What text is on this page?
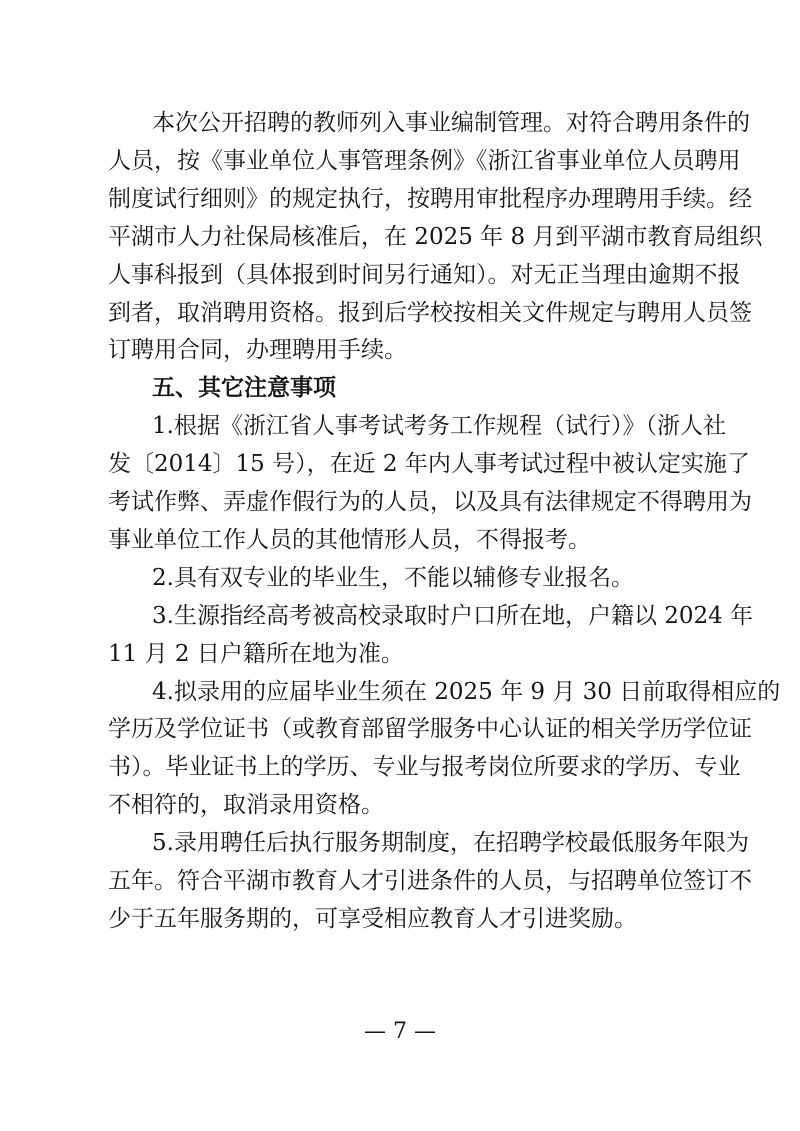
本次公开招聘的教师列入事业编制管理。对符合聘用条件的
人员，按《事业单位人事管理条例》《浙江省事业单位人员聘用
制度试行细则》的规定执行，按聘用审批程序办理聘用手续。经
平湖市人力社保局核准后，在 2025 年 8 月到平湖市教育局组织
人事科报到（具体报到时间另行通知）。对无正当理由逾期不报
到者，取消聘用资格。报到后学校按相关文件规定与聘用人员签
订聘用合同，办理聘用手续。
五、其它注意事项
1.根据《浙江省人事考试考务工作规程（试行）》（浙人社
发〔2014〕15 号），在近 2 年内人事考试过程中被认定实施了
考试作弊、弄虚作假行为的人员，以及具有法律规定不得聘用为
事业单位工作人员的其他情形人员，不得报考。
2.具有双专业的毕业生，不能以辅修专业报名。
3.生源指经高考被高校录取时户口所在地，户籍以 2024 年
11 月 2 日户籍所在地为准。
4.拟录用的应届毕业生须在 2025 年 9 月 30 日前取得相应的
学历及学位证书（或教育部留学服务中心认证的相关学历学位证
书）。毕业证书上的学历、专业与报考岗位所要求的学历、专业
不相符的，取消录用资格。
5.录用聘任后执行服务期制度，在招聘学校最低服务年限为
五年。符合平湖市教育人才引进条件的人员，与招聘单位签订不
少于五年服务期的，可享受相应教育人才引进奖励。
— 7 —
